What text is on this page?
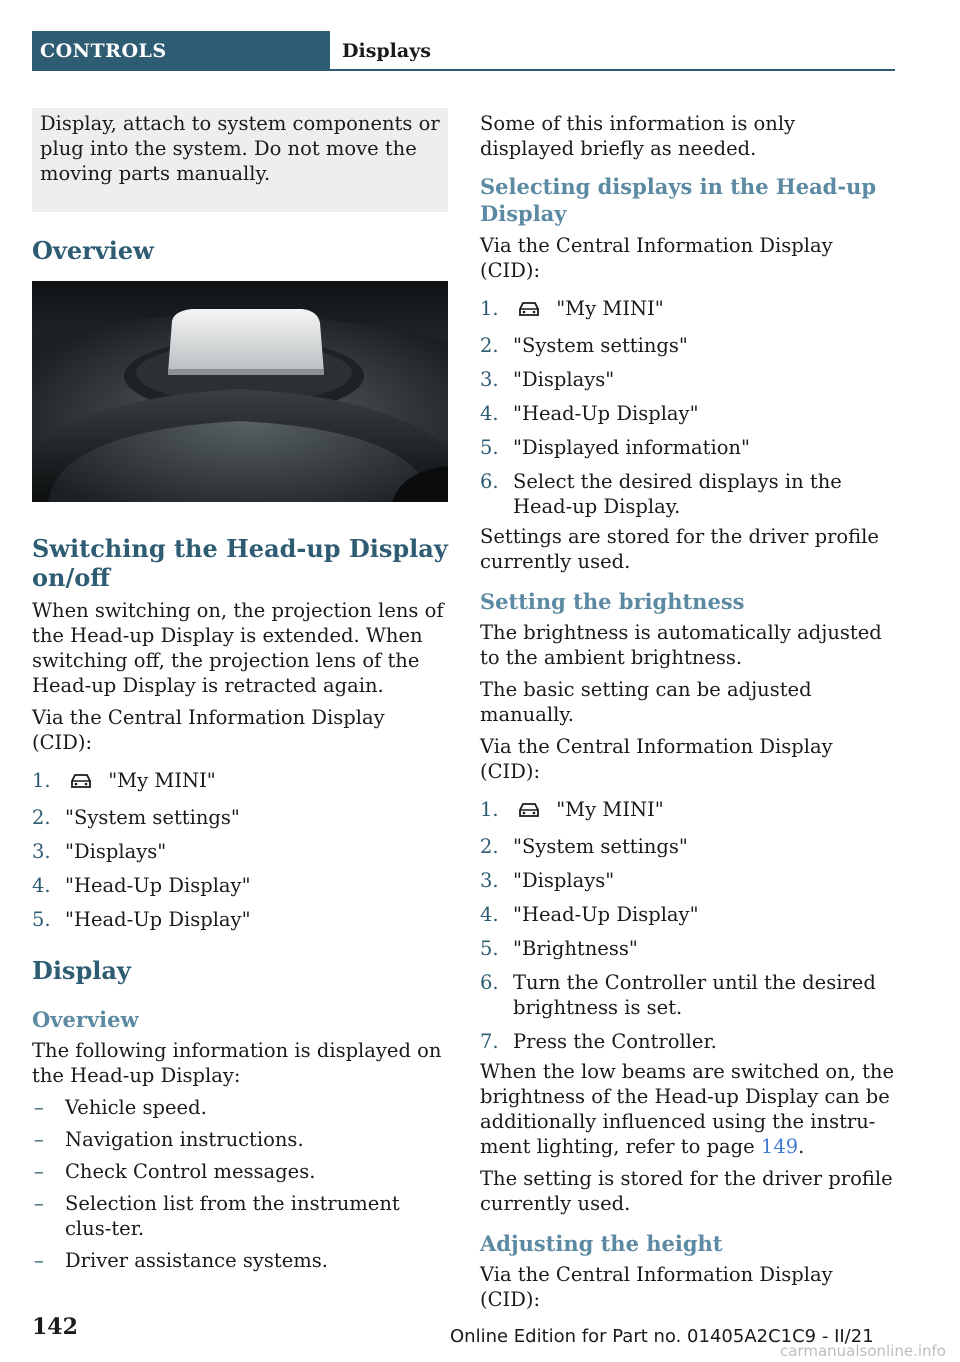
CONTROLS	Displays

Display, attach to system components or plug into the system. Do not move the moving parts manually.

Overview
Switching the Head-up Display on/off

When switching on, the projection lens of the Head-up Display is extended. When switching off, the projection lens of the Head-up Display is retracted again.

Via the Central Information Display (CID):

1.	"My MINI"
2. "System settings"
3. "Displays"
4. "Head-Up Display"
5. "Head-Up Display"
Display
Overview

The following information is displayed on the Head-up Display:

– Vehicle speed.
– Navigation instructions.
– Check Control messages.
– Selection list from the instrument clus-ter.
– Driver assistance systems.

Some of this information is only displayed briefly as needed.

Selecting displays in the Head-up Display

Via the Central Information Display (CID):

1.	"My MINI"
2. "System settings"
3. "Displays"
4. "Head-Up Display"
5. "Displayed information"
6. Select the desired displays in the Head-up Display.

Settings are stored for the driver profile currently used.

Setting the brightness

The brightness is automatically adjusted to the ambient brightness.

The basic setting can be adjusted manually.

Via the Central Information Display (CID):

1.	"My MINI"
2. "System settings"
3. "Displays"
4. "Head-Up Display"
5. "Brightness"
6. Turn the Controller until the desired brightness is set.
7. Press the Controller.

When the low beams are switched on, the brightness of the Head-up Display can be additionally influenced using the instru-ment lighting, refer to page 149.

The setting is stored for the driver profile currently used.

Adjusting the height

Via the Central Information Display (CID):

142	Online Edition for Part no. 01405A2C1C9 - II/21
carmanualsonline.info
